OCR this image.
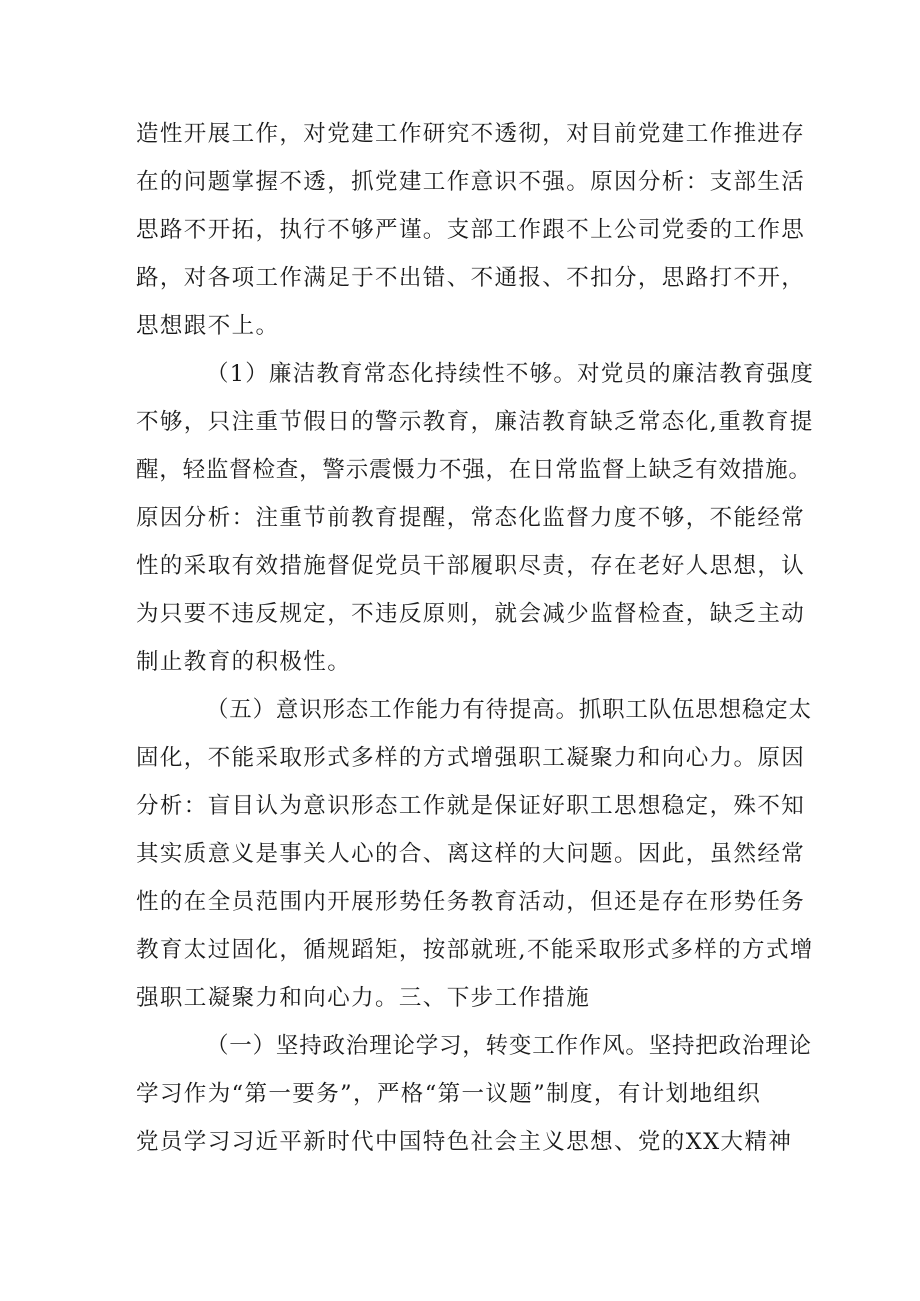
造性开展工作，对党建工作研究不透彻，对目前党建工作推进存
在的问题掌握不透，抓党建工作意识不强。原因分析：支部生活
思路不开拓，执行不够严谨。支部工作跟不上公司党委的工作思
路，对各项工作满足于不出错、不通报、不扣分，思路打不开，
思想跟不上。
（1）廉洁教育常态化持续性不够。对党员的廉洁教育强度
不够，只注重节假日的警示教育，廉洁教育缺乏常态化,重教育提
醒，轻监督检查，警示震慑力不强，在日常监督上缺乏有效措施。
原因分析：注重节前教育提醒，常态化监督力度不够，不能经常
性的采取有效措施督促党员干部履职尽责，存在老好人思想，认
为只要不违反规定，不违反原则，就会减少监督检查，缺乏主动
制止教育的积极性。
（五）意识形态工作能力有待提高。抓职工队伍思想稳定太
固化，不能采取形式多样的方式增强职工凝聚力和向心力。原因
分析：盲目认为意识形态工作就是保证好职工思想稳定，殊不知
其实质意义是事关人心的合、离这样的大问题。因此，虽然经常
性的在全员范围内开展形势任务教育活动，但还是存在形势任务
教育太过固化，循规蹈矩，按部就班,不能采取形式多样的方式增
强职工凝聚力和向心力。三、下步工作措施
（一）坚持政治理论学习，转变工作作风。坚持把政治理论
学习作为“第一要务”，严格“第一议题”制度，有计划地组织
党员学习习近平新时代中国特色社会主义思想、党的XX大精神
